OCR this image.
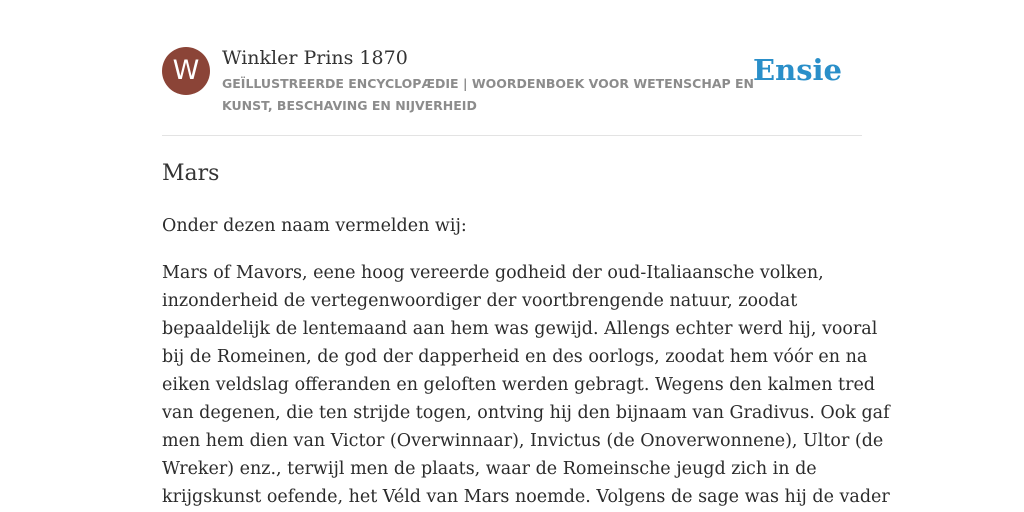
W	Winkler Prins 1870
GEÏLLUSTREERDE ENCYCLOPÆDIE | WOORDENBOEK VOOR WETENSCHAP EN KUNST, BESCHAVING EN NIJVERHEID
Ensie
Mars

Onder dezen naam vermelden wij:

Mars of Mavors, eene hoog vereerde godheid der oud-Italiaansche volken,
inzonderheid de vertegenwoordiger der voortbrengende natuur, zoodat
bepaaldelijk de lentemaand aan hem was gewijd. Allengs echter werd hij, vooral
bij de Romeinen, de god der dapperheid en des oorlogs, zoodat hem vóór en na
eiken veldslag offeranden en geloften werden gebragt. Wegens den kalmen tred
van degenen, die ten strijde togen, ontving hij den bijnaam van Gradivus. Ook gaf
men hem dien van Victor (Overwinnaar), Invictus (de Onoverwonnene), Ultor (de
Wreker) enz., terwijl men de plaats, waar de Romeinsche jeugd zich in de
krijgskunst oefende, het Véld van Mars noemde. Volgens de sage was hij de vader
